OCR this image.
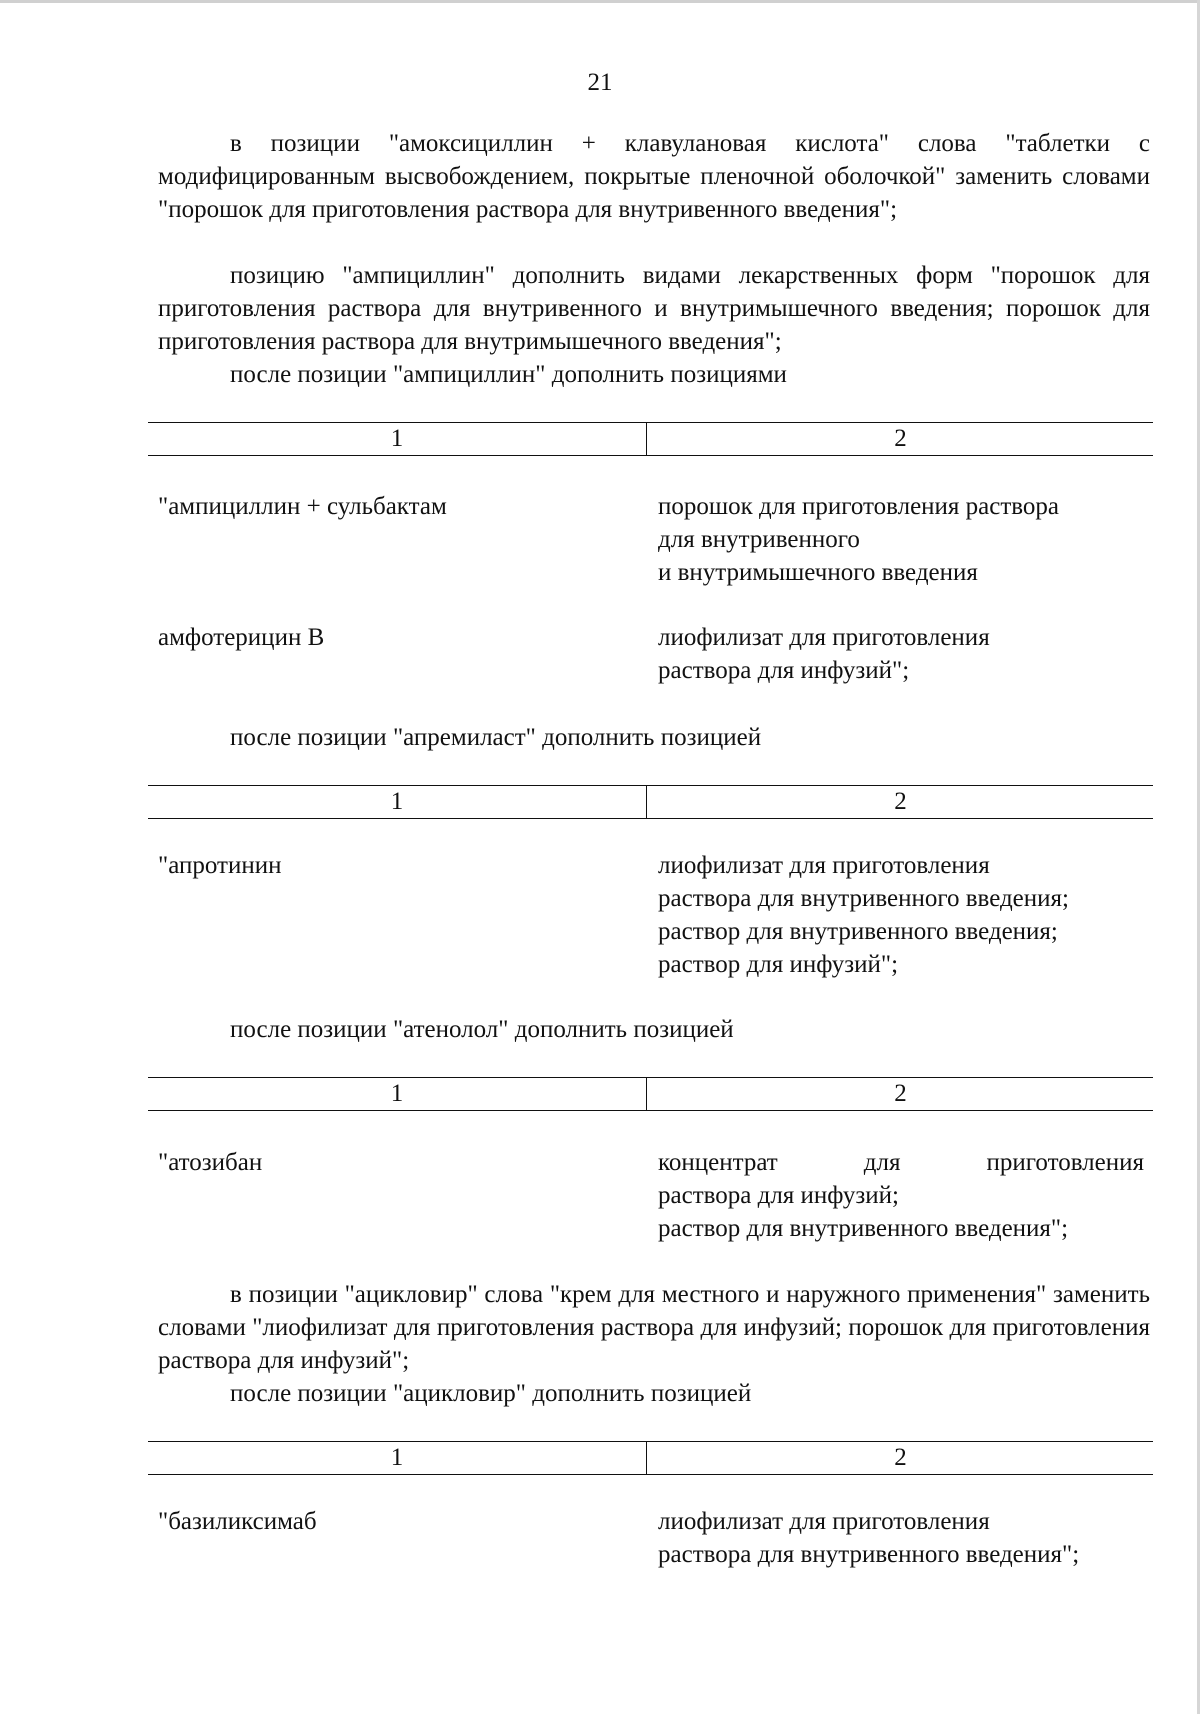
21

в позиции "амоксициллин + клавулановая кислота" слова "таблетки с модифицированным высвобождением, покрытые пленочной оболочкой" заменить словами "порошок для приготовления раствора для внутривенного введения";

позицию "ампициллин" дополнить видами лекарственных форм "порошок для приготовления раствора для внутривенного и внутримышечного введения; порошок для приготовления раствора для внутримышечного введения";

после позиции "ампициллин" дополнить позициями

1	2

"ампициллин + сульбактам	порошок для приготовления раствора
для внутривенного
и внутримышечного введения

амфотерицин B	лиофилизат для приготовления
раствора для инфузий";

после позиции "апремиласт" дополнить позицией

1	2

"апротинин	лиофилизат для приготовления
раствора для внутривенного введения;
раствор для внутривенного введения;
раствор для инфузий";

после позиции "атенолол" дополнить позицией

1	2

"атозибан	концентрат для приготовления
раствора для инфузий;
раствор для внутривенного введения";

в позиции "ацикловир" слова "крем для местного и наружного применения" заменить словами "лиофилизат для приготовления раствора для инфузий; порошок для приготовления раствора для инфузий";

после позиции "ацикловир" дополнить позицией

1	2

"базиликсимаб	лиофилизат для приготовления
раствора для внутривенного введения";
